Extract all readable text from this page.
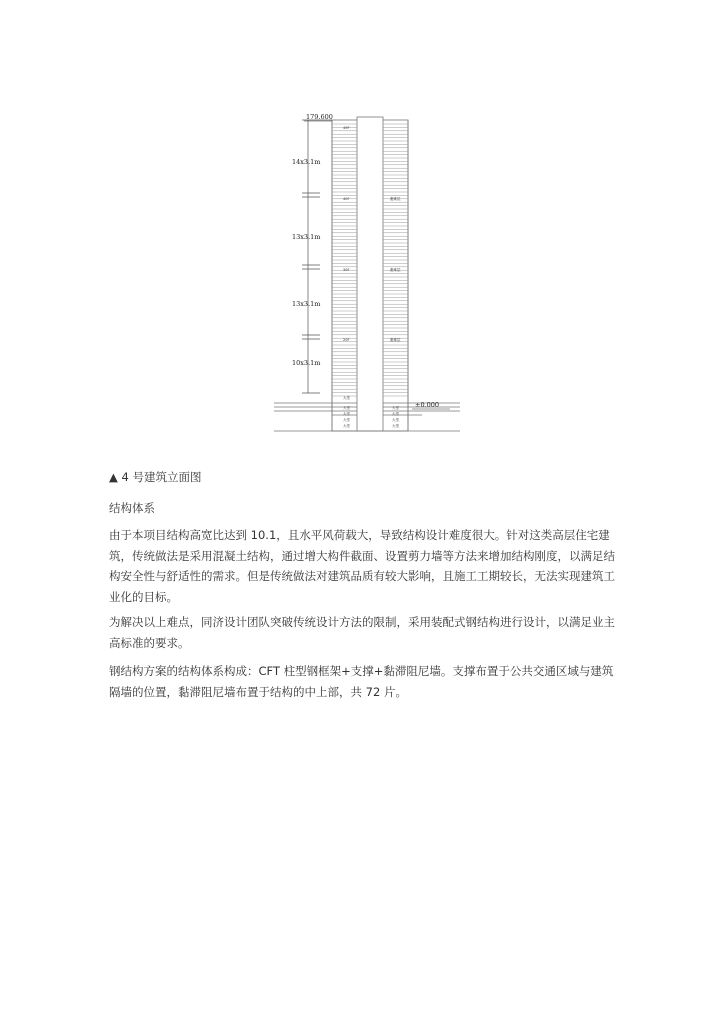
179.600
±0.000
14x3.1m
13x3.1m
13x3.1m
10x3.1m
49F
40F
30F
20F
避难层
避难层
避难层
大堂
大堂
大堂
大堂
大堂
大堂
大堂
大堂
大堂
▲ 4 号建筑立面图
结构体系

由于本项目结构高宽比达到 10.1，且水平风荷载大，导致结构设计难度很大。针对这类高层住宅建筑，传统做法是采用混凝土结构，通过增大构件截面、设置剪力墙等方法来增加结构刚度，以满足结构安全性与舒适性的需求。但是传统做法对建筑品质有较大影响，且施工工期较长，无法实现建筑工业化的目标。

为解决以上难点，同济设计团队突破传统设计方法的限制，采用装配式钢结构进行设计，以满足业主高标准的要求。

钢结构方案的结构体系构成：CFT 柱型钢框架+支撑+黏滞阻尼墙。支撑布置于公共交通区域与建筑隔墙的位置，黏滞阻尼墙布置于结构的中上部，共 72 片。
